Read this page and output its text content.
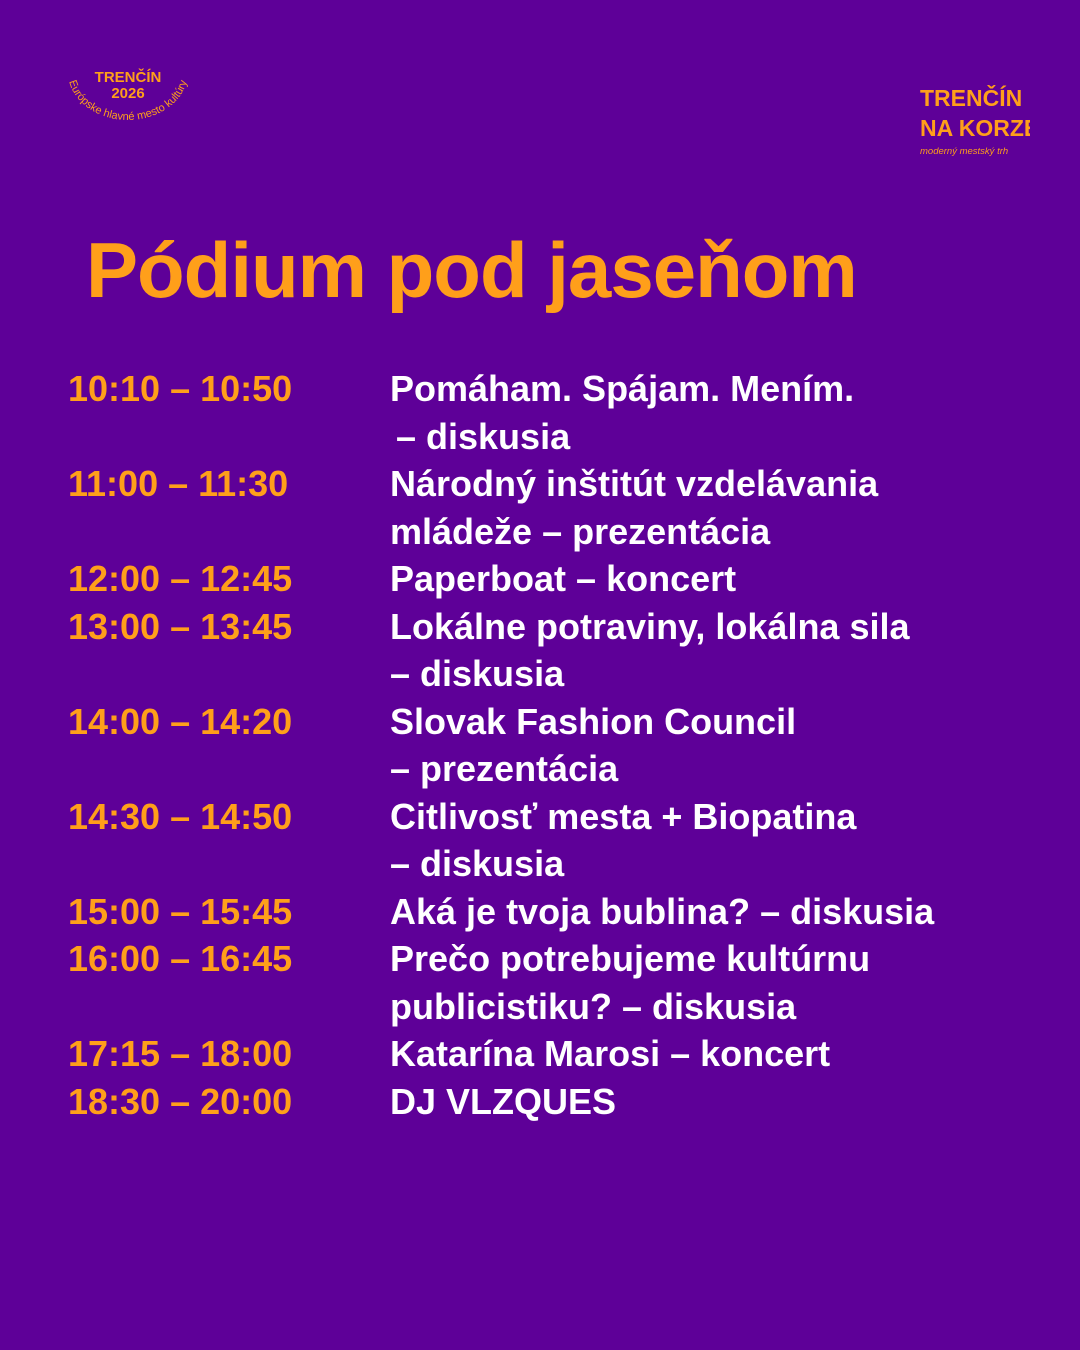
TRENČÍN
2026
Európske hlavné mesto kultúry
TRENČÍN
NA KORZE
moderný mestský trh
Pódium pod jaseňom
10:10 – 10:50	Pomáham. Spájam. Mením.
– diskusia
11:00 – 11:30	Národný inštitút vzdelávania
mládeže – prezentácia
12:00 – 12:45	Paperboat – koncert
13:00 – 13:45	Lokálne potraviny, lokálna sila
– diskusia
14:00 – 14:20	Slovak Fashion Council
– prezentácia
14:30 – 14:50	Citlivosť mesta + Biopatina
– diskusia
15:00 – 15:45	Aká je tvoja bublina? – diskusia
16:00 – 16:45	Prečo potrebujeme kultúrnu
publicistiku? – diskusia
17:15 – 18:00	Katarína Marosi – koncert
18:30 – 20:00	DJ VLZQUES
